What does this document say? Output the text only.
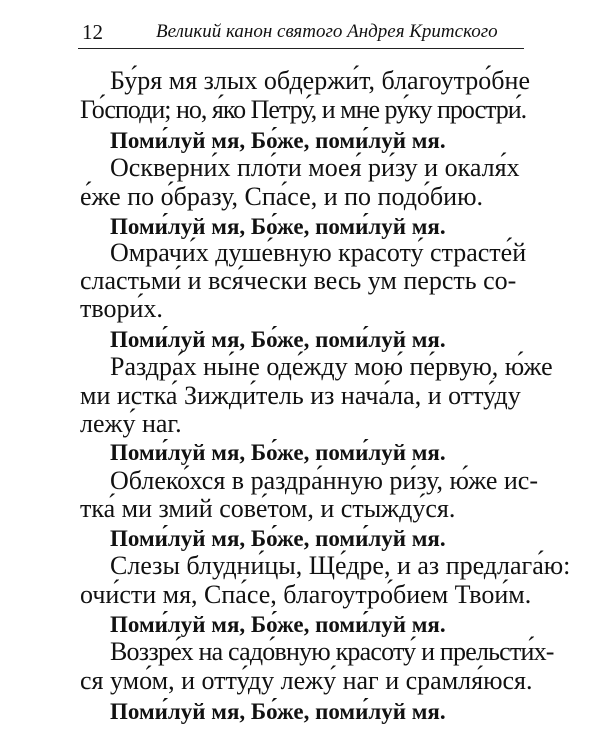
12	Великий канон святого Андрея Критского
Бу́ря мя злых обдержи́т, благоутро́бне
Го́споди; но, я́ко Петру́, и мне ру́ку простри́.
Поми́луй мя, Бо́же, поми́луй мя.
Оскверни́х пло́ти моея́ ри́зу и окаля́х
е́же по о́бразу, Спа́се, и по подо́бию.
Поми́луй мя, Бо́же, поми́луй мя.
Омрачи́х душе́вную красоту́ страсте́й
сластьми́ и вся́чески весь ум персть со-
твори́х.
Поми́луй мя, Бо́же, поми́луй мя.
Раздра́х ны́не оде́жду мою́ пе́рвую, ю́же
ми истка́ Зижди́тель из нача́ла, и отту́ду
лежу́ наг.
Поми́луй мя, Бо́же, поми́луй мя.
Облеко́хся в раздра́нную ри́зу, ю́же ис-
тка́ ми змий сове́том, и стыжду́ся.
Поми́луй мя, Бо́же, поми́луй мя.
Слезы блудни́цы, Ще́дре, и аз предлага́ю:
очи́сти мя, Спа́се, благоутро́бием Твои́м.
Поми́луй мя, Бо́же, поми́луй мя.
Воззре́х на садо́вную красоту́ и прельсти́х-
ся умо́м, и отту́ду лежу́ наг и срамля́юся.
Поми́луй мя, Бо́же, поми́луй мя.
